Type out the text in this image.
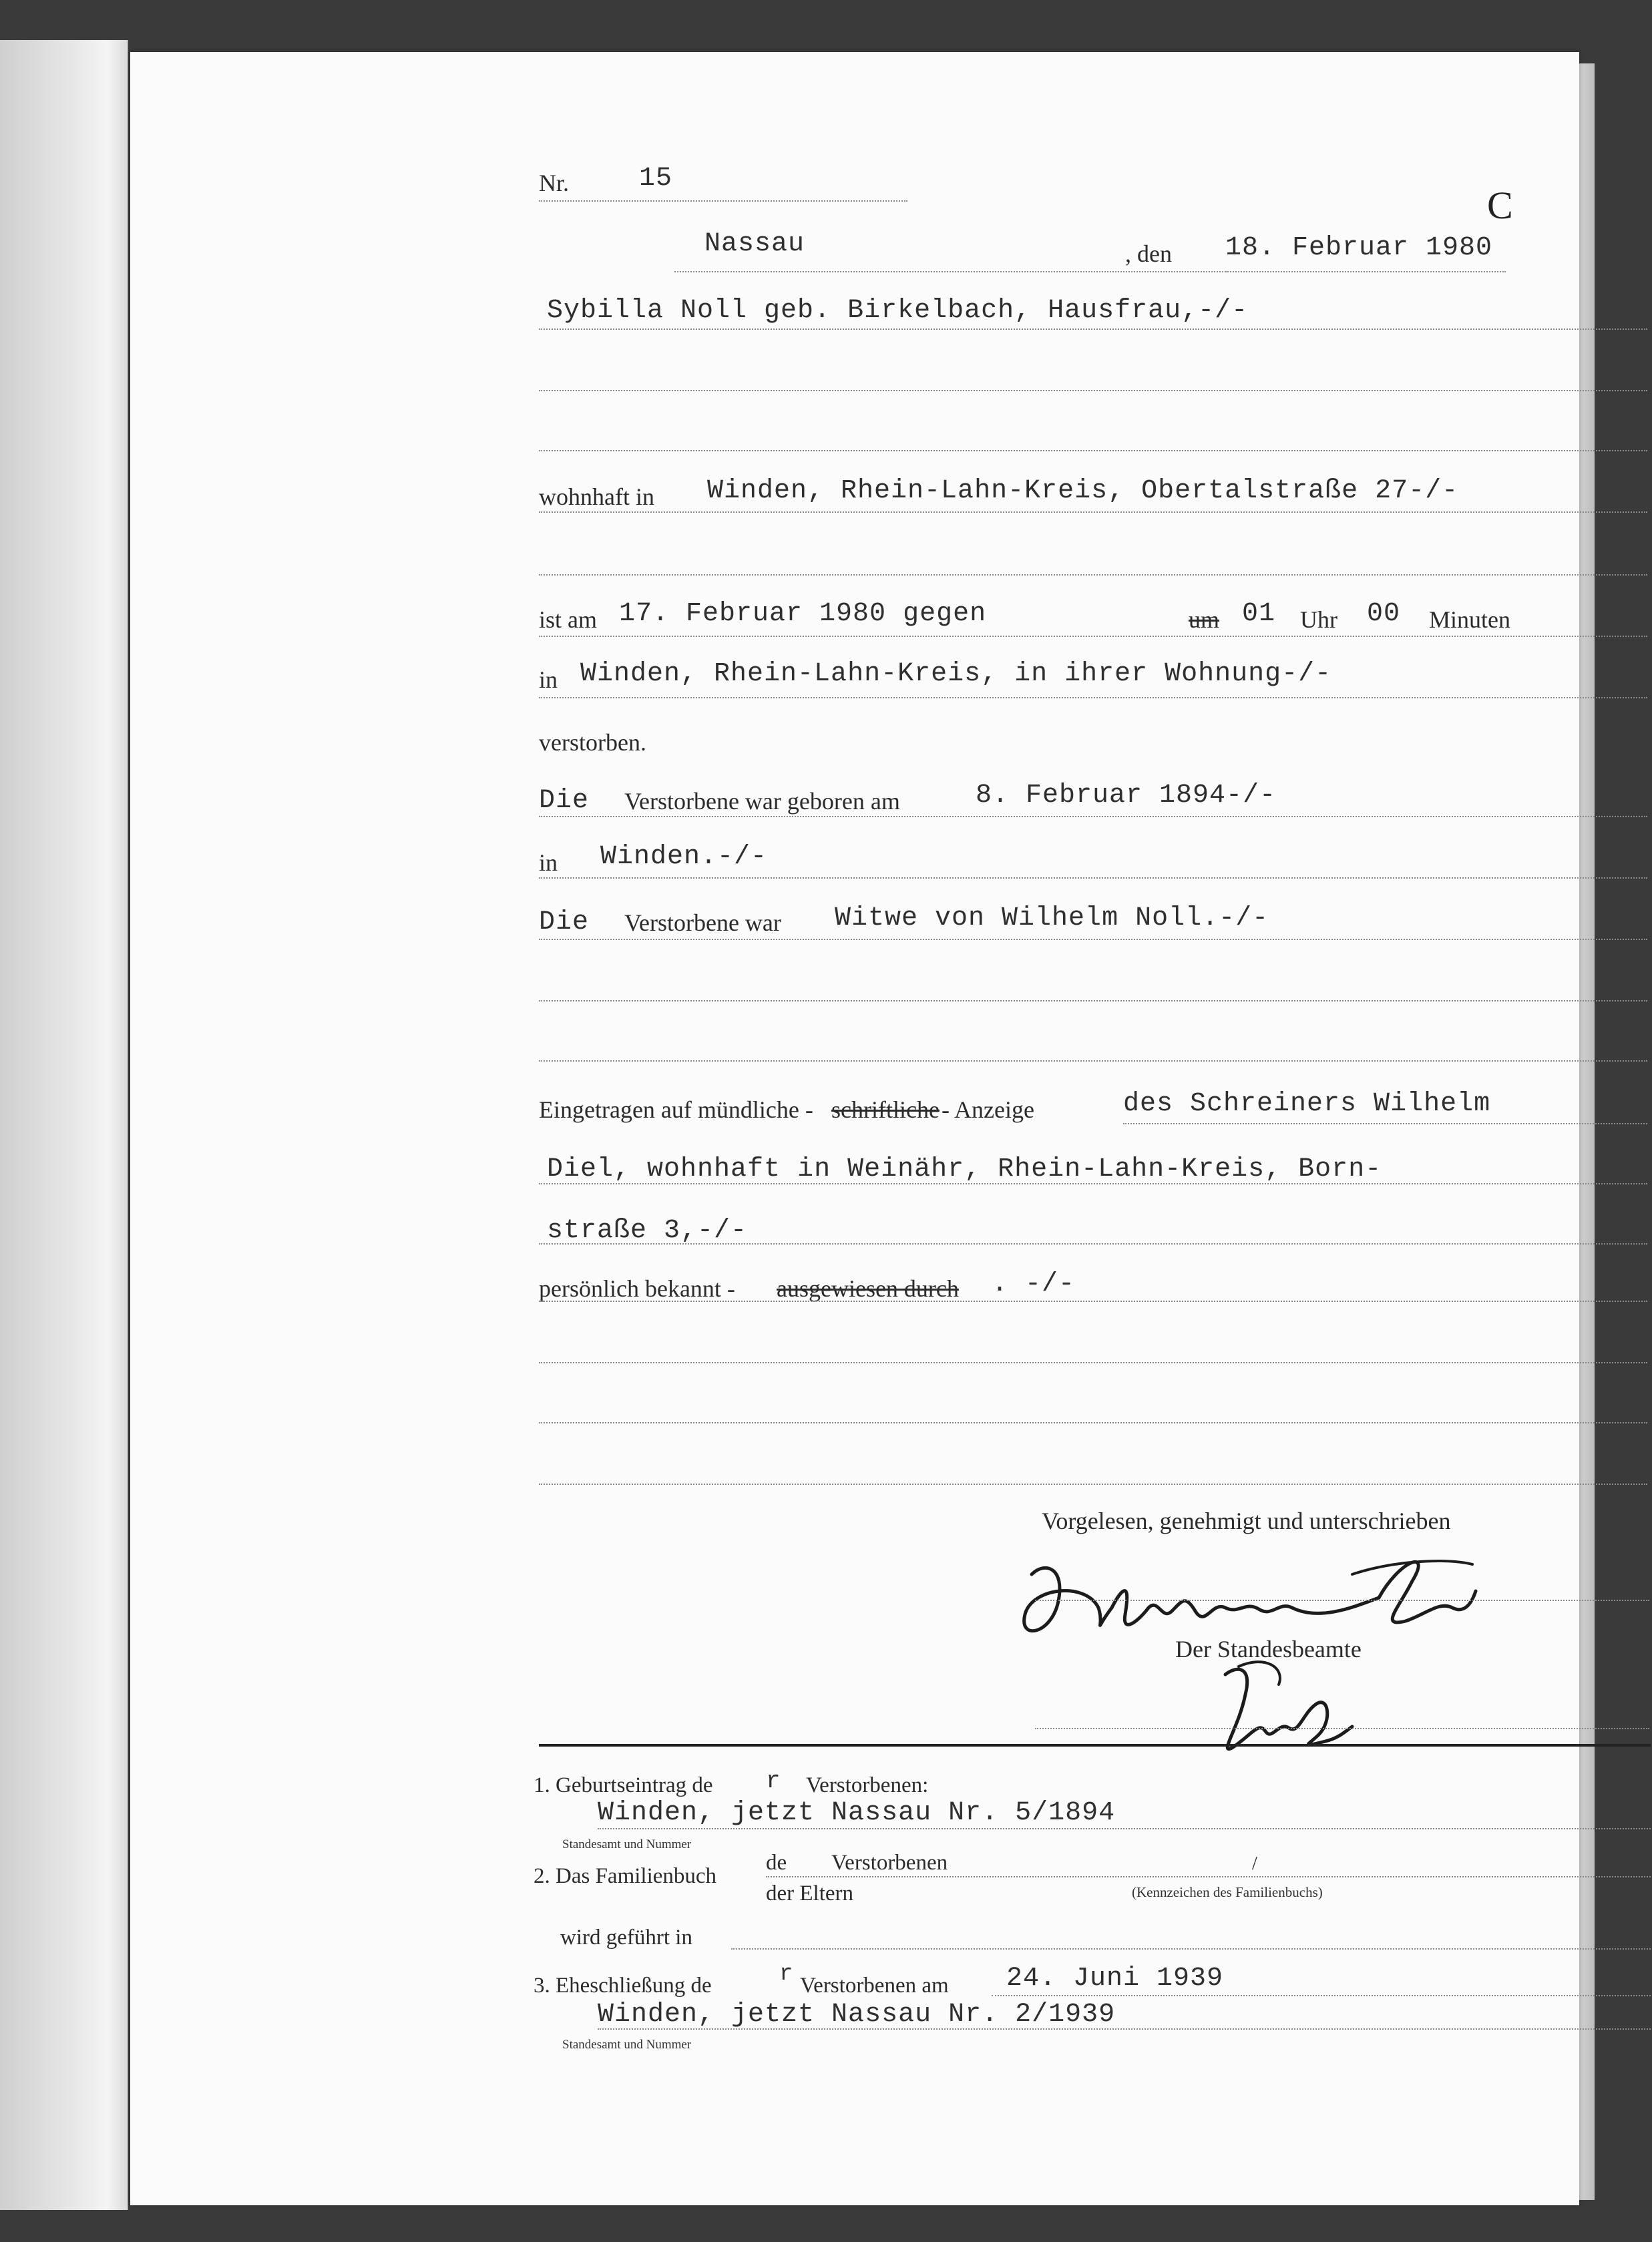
Nr.	15
C
Nassau	, den 18. Februar 1980
Sybilla Noll geb. Birkelbach, Hausfrau,-/-
wohnhaft in Winden, Rhein-Lahn-Kreis, Obertalstraße 27-/-
ist am 17. Februar 1980 gegen	um 01 Uhr 00 Minuten
in Winden, Rhein-Lahn-Kreis, in ihrer Wohnung-/-
verstorben.
Die Verstorbene war geboren am	8. Februar 1894-/-
in Winden.-/-
Die Verstorbene war Witwe von Wilhelm Noll.-/-
Eingetragen auf mündliche - schriftliche - Anzeige	des Schreiners Wilhelm
Diel, wohnhaft in Weinähr, Rhein-Lahn-Kreis, Born-
straße 3,-/-
persönlich bekannt - ausgewiesen durch . -/-
Vorgelesen, genehmigt und unterschrieben
Der Standesbeamte
1. Geburtseintrag de r Verstorbenen:
Winden, jetzt Nassau Nr. 5/1894
Standesamt und Nummer
2. Das Familienbuch
de Verstorbenen
der Eltern
/
(Kennzeichen des Familienbuchs)
wird geführt in
3. Eheschließung de	r Verstorbenen am 24. Juni 1939
Winden, jetzt Nassau Nr. 2/1939
Standesamt und Nummer
